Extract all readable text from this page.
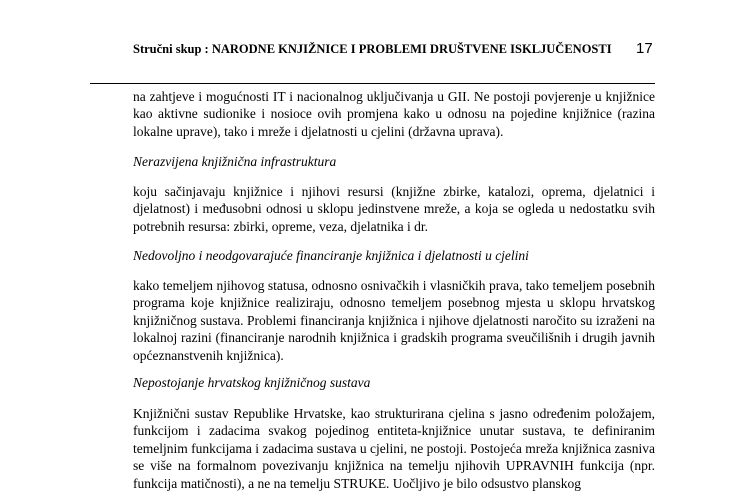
Stručni skup : NARODNE KNJIŽNICE I PROBLEMI DRUŠTVENE ISKLJUČENOSTI 17

na zahtjeve i mogućnosti IT i nacionalnog uključivanja u GII. Ne postoji povjerenje u knjižnice kao aktivne sudionike i nosioce ovih promjena kako u odnosu na pojedine knjižnice (razina lokalne uprave), tako i mreže i djelatnosti u cjelini (državna uprava).

Nerazvijena knjižnična infrastruktura

koju sačinjavaju knjižnice i njihovi resursi (knjižne zbirke, katalozi, oprema, djelatnici i djelatnost) i međusobni odnosi u sklopu jedinstvene mreže, a koja se ogleda u nedostatku svih potrebnih resursa: zbirki, opreme, veza, djelatnika i dr.

Nedovoljno i neodgovarajuće financiranje knjižnica i djelatnosti u cjelini

kako temeljem njihovog statusa, odnosno osnivačkih i vlasničkih prava, tako temeljem posebnih programa koje knjižnice realiziraju, odnosno temeljem posebnog mjesta u sklopu hrvatskog knjižničnog sustava. Problemi financiranja knjižnica i njihove djelatnosti naročito su izraženi na lokalnoj razini (financiranje narodnih knjižnica i gradskih programa sveučilišnih i drugih javnih općeznanstvenih knjižnica).

Nepostojanje hrvatskog knjižničnog sustava

Knjižnični sustav Republike Hrvatske, kao strukturirana cjelina s jasno određenim položajem, funkcijom i zadacima svakog pojedinog entiteta-knjižnice unutar sustava, te definiranim temeljnim funkcijama i zadacima sustava u cjelini, ne postoji. Postojeća mreža knjižnica zasniva se više na formalnom povezivanju knjižnica na temelju njihovih UPRAVNIH funkcija (npr. funkcija matičnosti), a ne na temelju STRUKE. Uočljivo je bilo odsustvo planskog
